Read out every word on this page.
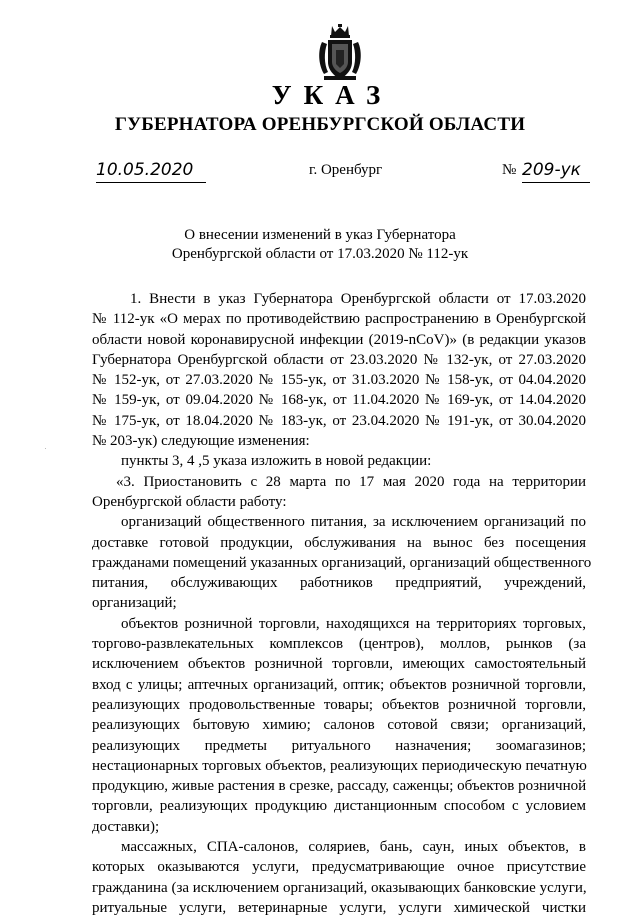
УКАЗ
ГУБЕРНАТОРА ОРЕНБУРГСКОЙ ОБЛАСТИ
10.05.2020	г. Оренбург	№ 209-ук
О внесении изменений в указ Губернатора
Оренбургской области от 17.03.2020 № 112-ук
1. Внести в указ Губернатора Оренбургской области от 17.03.2020
№ 112-ук «О мерах по противодействию распространению в Оренбургской
области новой коронавирусной инфекции (2019-nCoV)» (в редакции указов
Губернатора Оренбургской области от 23.03.2020 № 132-ук, от 27.03.2020
№ 152-ук, от 27.03.2020 № 155-ук, от 31.03.2020 № 158-ук, от 04.04.2020
№ 159-ук, от 09.04.2020 № 168-ук, от 11.04.2020 № 169-ук, от 14.04.2020
№ 175-ук, от 18.04.2020 № 183-ук, от 23.04.2020 № 191-ук, от 30.04.2020
№ 203-ук) следующие изменения:
пункты 3, 4 ,5 указа изложить в новой редакции:
«3. Приостановить с 28 марта по 17 мая 2020 года на территории
Оренбургской области работу:
организаций общественного питания, за исключением организаций по
доставке готовой продукции, обслуживания на вынос без посещения
гражданами помещений указанных организаций, организаций общественного
питания, обслуживающих работников предприятий, учреждений,
организаций;
объектов розничной торговли, находящихся на территориях торговых,
торгово-развлекательных комплексов (центров), моллов, рынков (за
исключением объектов розничной торговли, имеющих самостоятельный
вход с улицы; аптечных организаций, оптик; объектов розничной торговли,
реализующих продовольственные товары; объектов розничной торговли,
реализующих бытовую химию; салонов сотовой связи; организаций,
реализующих предметы ритуального назначения; зоомагазинов;
нестационарных торговых объектов, реализующих периодическую печатную
продукцию, живые растения в срезке, рассаду, саженцы; объектов розничной
торговли, реализующих продукцию дистанционным способом с условием
доставки);
массажных, СПА-салонов, соляриев, бань, саун, иных объектов, в
которых оказываются услуги, предусматривающие очное присутствие
гражданина (за исключением организаций, оказывающих банковские услуги,
ритуальные услуги, ветеринарные услуги, услуги химической чистки
